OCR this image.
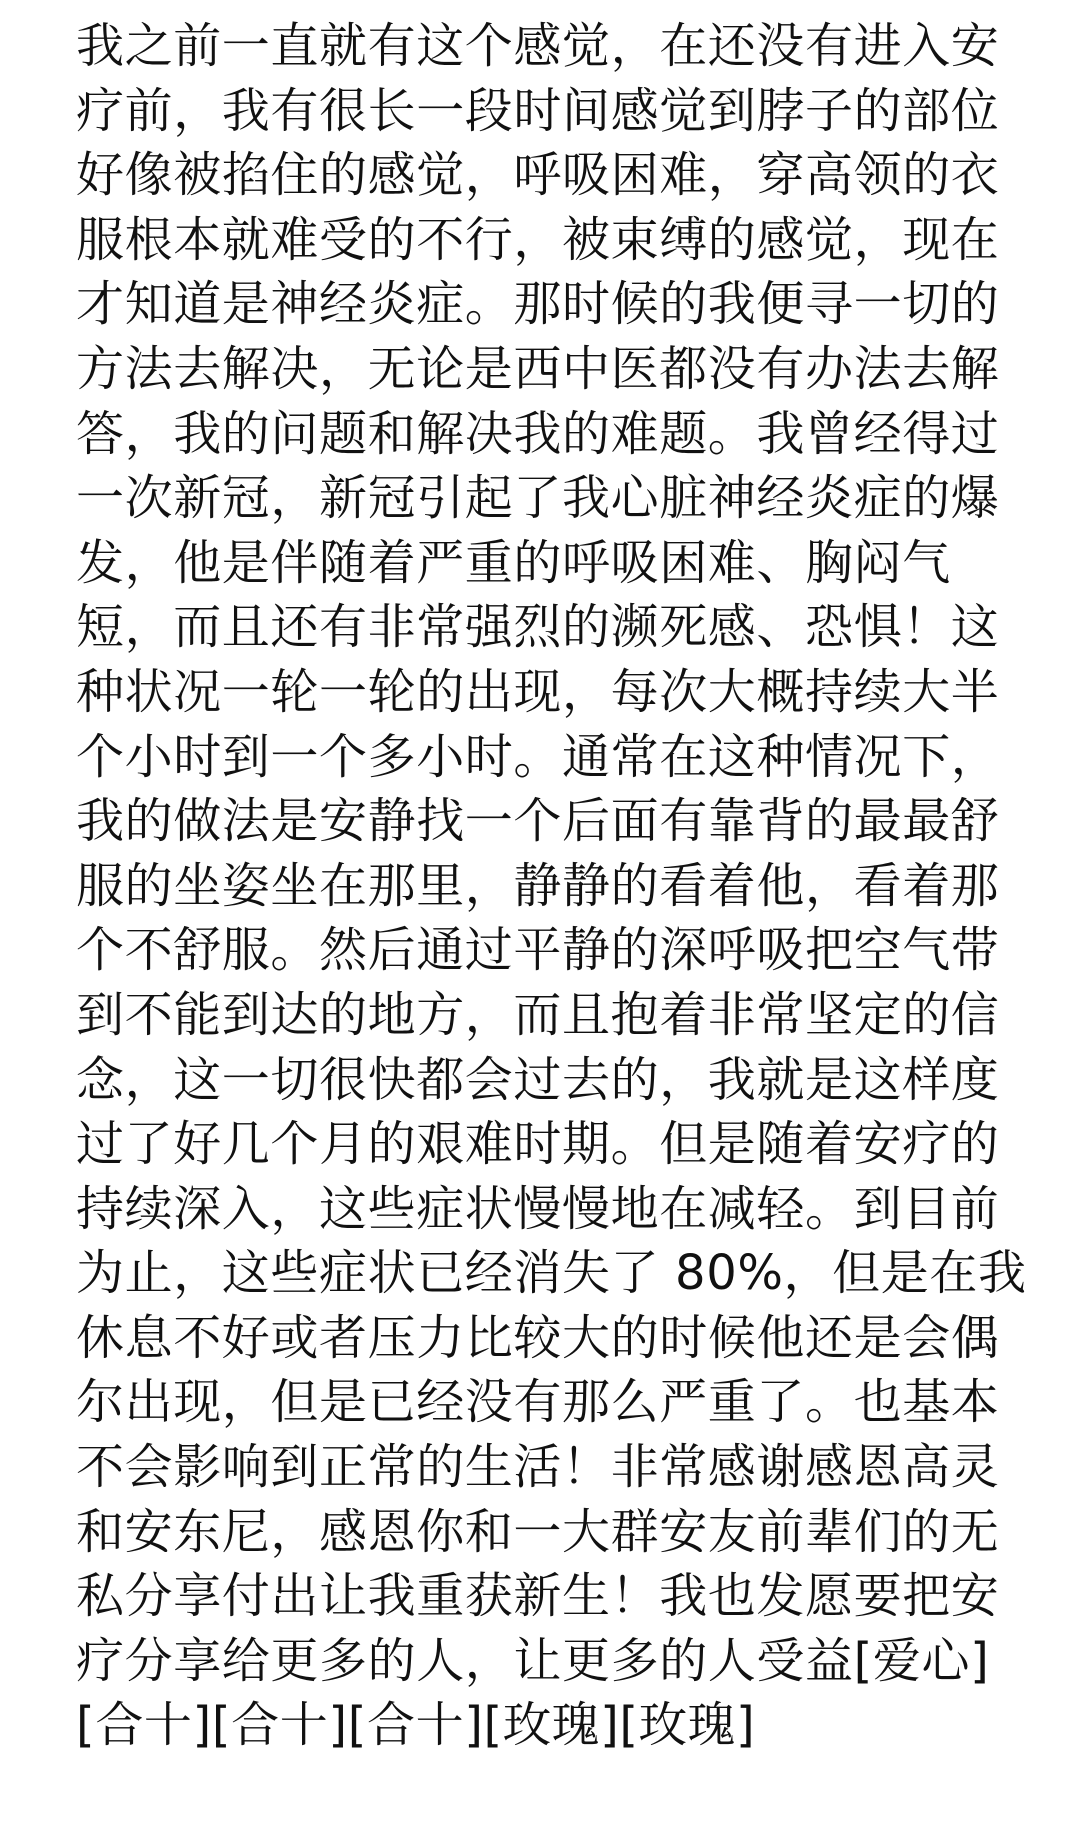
我之前一直就有这个感觉，在还没有进入安
疗前，我有很长一段时间感觉到脖子的部位
好像被掐住的感觉，呼吸困难，穿高领的衣
服根本就难受的不行，被束缚的感觉，现在
才知道是神经炎症。那时候的我便寻一切的
方法去解决，无论是西中医都没有办法去解
答，我的问题和解决我的难题。我曾经得过
一次新冠，新冠引起了我心脏神经炎症的爆
发，他是伴随着严重的呼吸困难、胸闷气
短，而且还有非常强烈的濒死感、恐惧！这
种状况一轮一轮的出现，每次大概持续大半
个小时到一个多小时。通常在这种情况下，
我的做法是安静找一个后面有靠背的最最舒
服的坐姿坐在那里，静静的看着他，看着那
个不舒服。然后通过平静的深呼吸把空气带
到不能到达的地方，而且抱着非常坚定的信
念，这一切很快都会过去的，我就是这样度
过了好几个月的艰难时期。但是随着安疗的
持续深入，这些症状慢慢地在减轻。到目前
为止，这些症状已经消失了 80%，但是在我
休息不好或者压力比较大的时候他还是会偶
尔出现，但是已经没有那么严重了。也基本
不会影响到正常的生活！非常感谢感恩高灵
和安东尼，感恩你和一大群安友前辈们的无
私分享付出让我重获新生！我也发愿要把安
疗分享给更多的人，让更多的人受益[爱心]
[合十][合十][合十][玫瑰][玫瑰]
